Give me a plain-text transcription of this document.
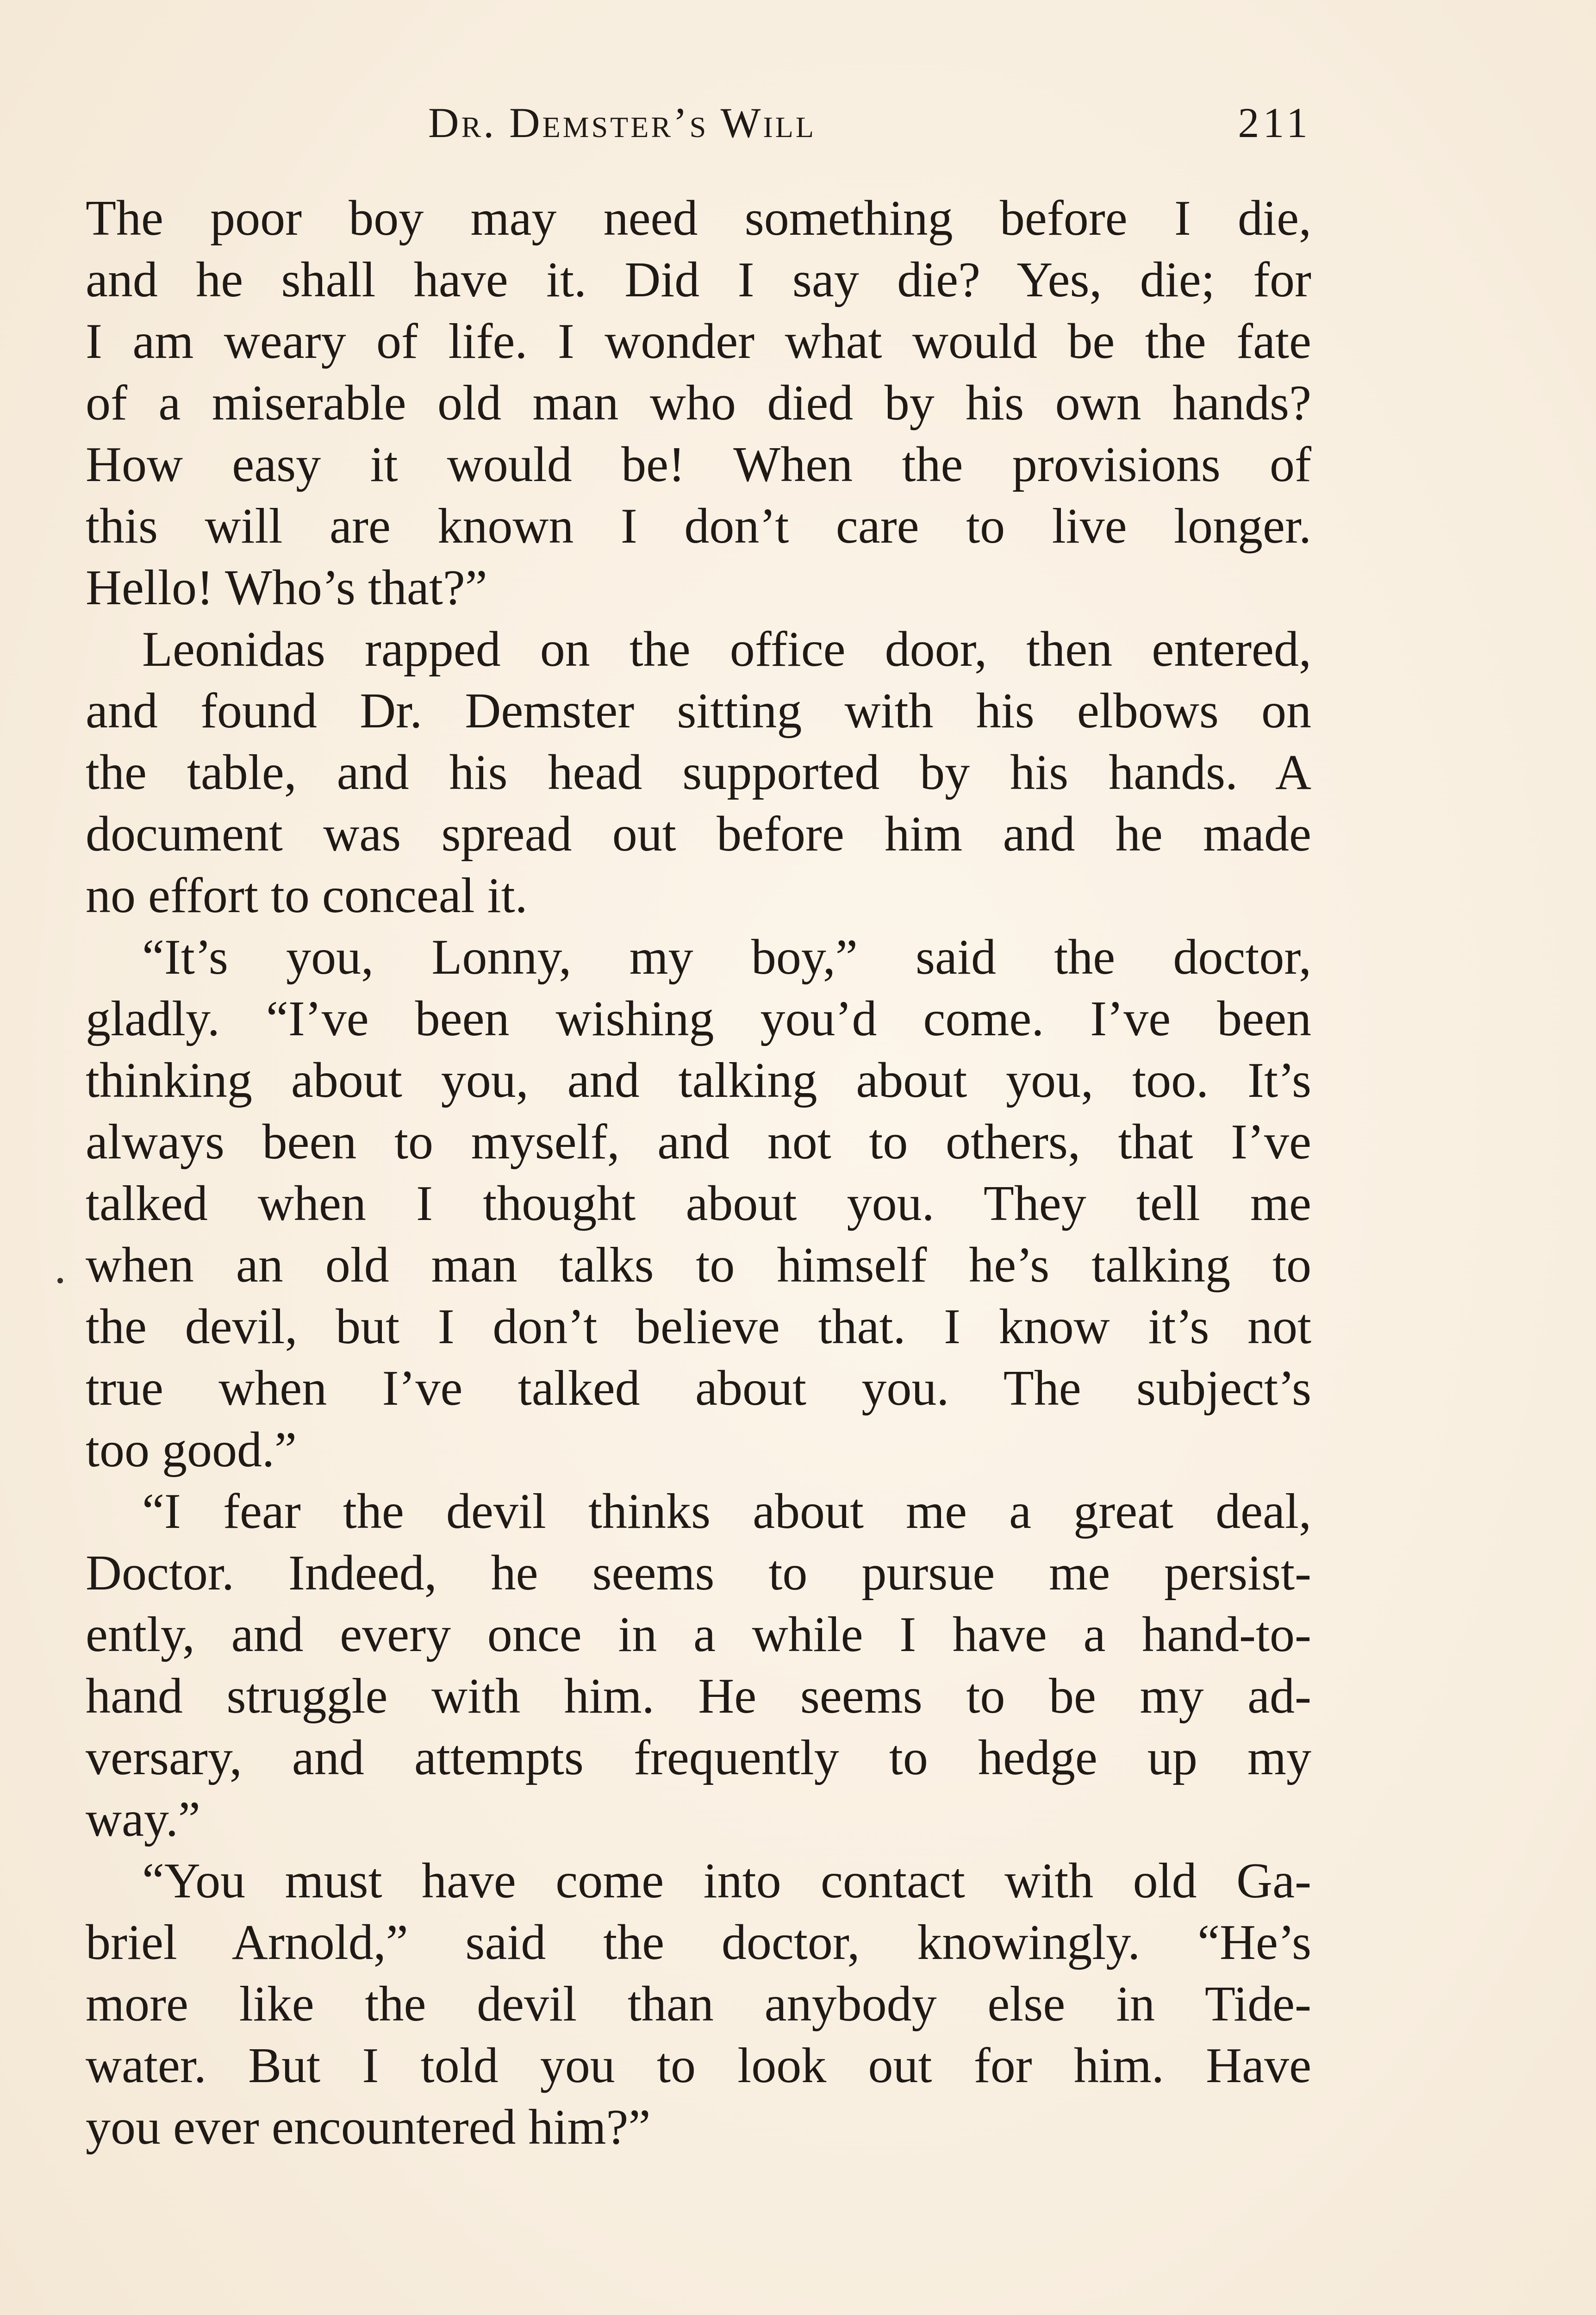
Dr. Demster’s Will	211
The poor boy may need something before I die,
and he shall have it. Did I say die? Yes, die; for
I am weary of life. I wonder what would be the fate
of a miserable old man who died by his own hands?
How easy it would be! When the provisions of
this will are known I don’t care to live longer.
Hello! Who’s that?”
Leonidas rapped on the office door, then entered,
and found Dr. Demster sitting with his elbows on
the table, and his head supported by his hands. A
document was spread out before him and he made
no effort to conceal it.
“It’s you, Lonny, my boy,” said the doctor,
gladly. “I’ve been wishing you’d come. I’ve been
thinking about you, and talking about you, too. It’s
always been to myself, and not to others, that I’ve
talked when I thought about you. They tell me
when an old man talks to himself he’s talking to
the devil, but I don’t believe that. I know it’s not
true when I’ve talked about you. The subject’s
too good.”
“I fear the devil thinks about me a great deal,
Doctor. Indeed, he seems to pursue me persist-
ently, and every once in a while I have a hand-to-
hand struggle with him. He seems to be my ad-
versary, and attempts frequently to hedge up my
way.”
“You must have come into contact with old Ga-
briel Arnold,” said the doctor, knowingly. “He’s
more like the devil than anybody else in Tide-
water. But I told you to look out for him. Have
you ever encountered him?”
